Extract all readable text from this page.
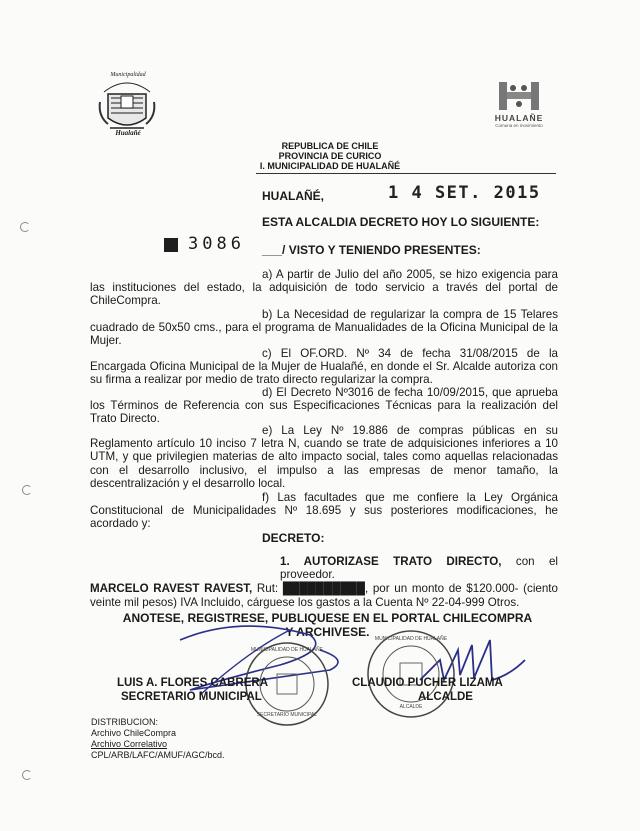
Municipalidad
Hualañé
HUALAÑE
Comuna en movimiento
REPUBLICA DE CHILE
PROVINCIA DE CURICO
I. MUNICIPALIDAD DE HUALAÑÉ
3086
HUALAÑÉ,	1 4 SET. 2015
ESTA ALCALDIA DECRETO HOY LO SIGUIENTE:
___/ VISTO Y TENIENDO PRESENTES:
a) A partir de Julio del año 2005, se hizo exigencia para las instituciones del estado, la adquisición de todo servicio a través del portal de ChileCompra.
b) La Necesidad de regularizar la compra de 15 Telares cuadrado de 50x50 cms., para el programa de Manualidades de la Oficina Municipal de la Mujer.
c) El OF.ORD. Nº 34 de fecha 31/08/2015 de la Encargada Oficina Municipal de la Mujer de Hualañé, en donde el Sr. Alcalde autoriza con su firma a realizar por medio de trato directo regularizar la compra.
d) El Decreto Nº3016 de fecha 10/09/2015, que aprueba los Términos de Referencia con sus Especificaciones Técnicas para la realización del Trato Directo.
e) La Ley Nº 19.886 de compras públicas en su Reglamento artículo 10 inciso 7 letra N, cuando se trate de adquisiciones inferiores a 10 UTM, y que privilegien materias de alto impacto social, tales como aquellas relacionadas con el desarrollo inclusivo, el impulso a las empresas de menor tamaño, la descentralización y el desarrollo local.
f) Las facultades que me confiere la Ley Orgánica Constitucional de Municipalidades Nº 18.695 y sus posteriores modificaciones, he acordado y:
DECRETO:
1. AUTORIZASE TRATO DIRECTO, con el proveedor.
MARCELO RAVEST RAVEST, Rut: ██████████, por un monto de $120.000- (ciento veinte mil pesos) IVA Incluido, cárguese los gastos a la Cuenta Nº 22-04-999 Otros.
ANOTESE, REGISTRESE, PUBLIQUESE EN EL PORTAL CHILECOMPRA Y ARCHIVESE.
MUNICIPALIDAD DE HUALAÑE
SECRETARIO MUNICIPAL
MUNICIPALIDAD DE HUALAÑE
ALCALDE
LUIS A. FLORES CABRERA
SECRETARIO MUNICIPAL
CLAUDIO PUCHER LIZAMA
ALCALDE
DISTRIBUCION:
Archivo ChileCompra
Archivo Correlativo
CPL/ARB/LAFC/AMUF/AGC/bcd.
